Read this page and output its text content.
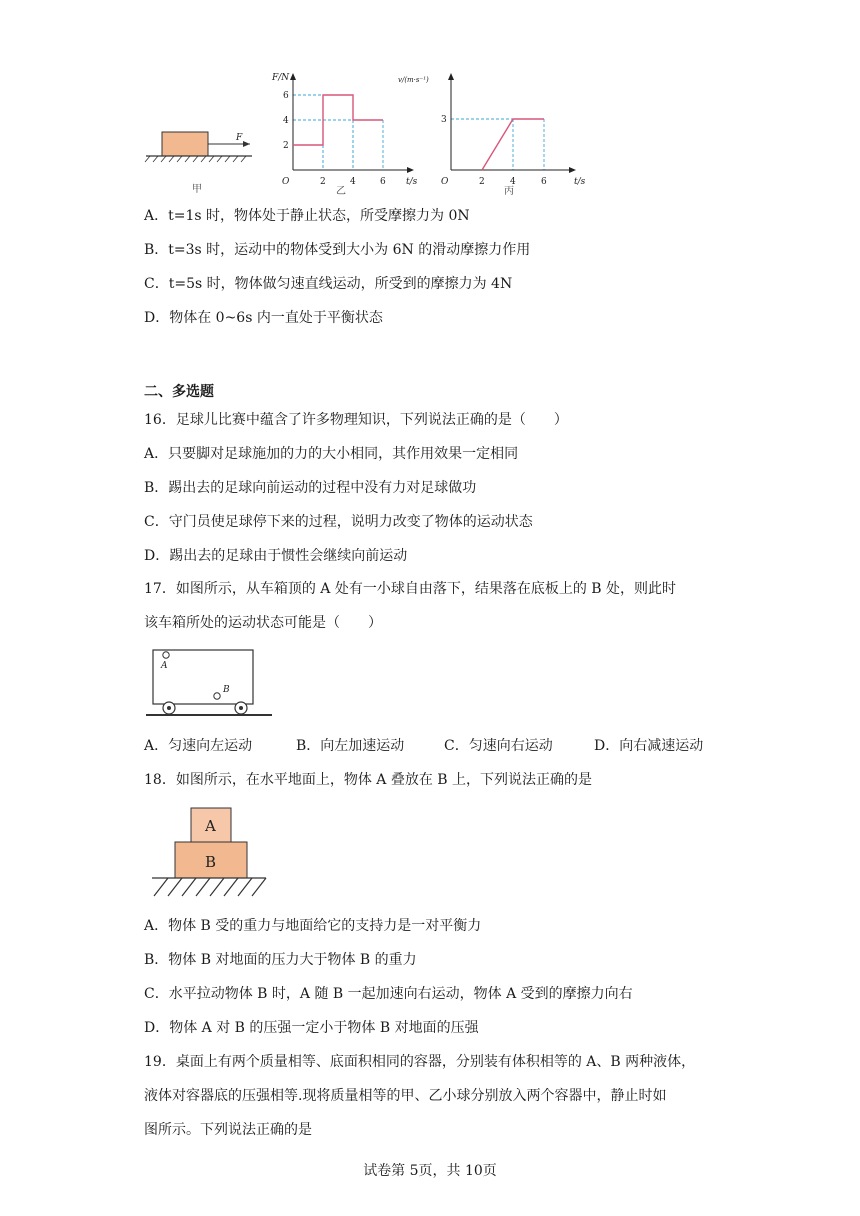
F
甲
F/N
t/s
O	2	4	6
2
4
6
乙
v/(m·s⁻¹)
t/s
O	2	4	6
3
丙
A．t=1s 时，物体处于静止状态，所受摩擦力为 0N
B．t=3s 时，运动中的物体受到大小为 6N 的滑动摩擦力作用
C．t=5s 时，物体做匀速直线运动，所受到的摩擦力为 4N
D．物体在 0~6s 内一直处于平衡状态
二、多选题
16．足球儿比赛中蕴含了许多物理知识，下列说法正确的是（　　）
A．只要脚对足球施加的力的大小相同，其作用效果一定相同
B．踢出去的足球向前运动的过程中没有力对足球做功
C．守门员使足球停下来的过程，说明力改变了物体的运动状态
D．踢出去的足球由于惯性会继续向前运动
17．如图所示，从车箱顶的 A 处有一小球自由落下，结果落在底板上的 B 处，则此时
该车箱所处的运动状态可能是（　　）
A
B
A．匀速向左运动	B．向左加速运动	C．匀速向右运动	D．向右减速运动
18．如图所示，在水平地面上，物体 A 叠放在 B 上，下列说法正确的是
A
B
A．物体 B 受的重力与地面给它的支持力是一对平衡力
B．物体 B 对地面的压力大于物体 B 的重力
C．水平拉动物体 B 时，A 随 B 一起加速向右运动，物体 A 受到的摩擦力向右
D．物体 A 对 B 的压强一定小于物体 B 对地面的压强
19．桌面上有两个质量相等、底面积相同的容器，分别装有体积相等的 A、B 两种液体，
液体对容器底的压强相等.现将质量相等的甲、乙小球分别放入两个容器中，静止时如
图所示。下列说法正确的是
试卷第 5页，共 10页
